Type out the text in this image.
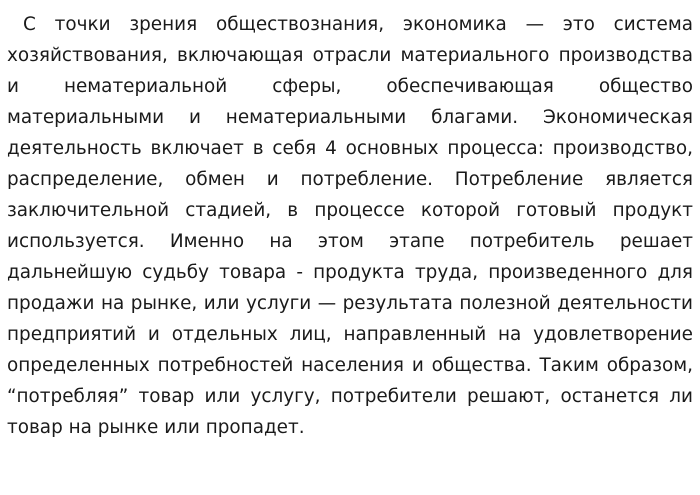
С точки зрения обществознания, экономика — это система хозяйствования, включающая отрасли материального производства и нематериальной сферы, обеспечивающая общество материальными и нематериальными благами. Экономическая деятельность включает в себя 4 основных процесса: производство, распределение, обмен и потребление. Потребление является заключительной стадией, в процессе которой готовый продукт используется. Именно на этом этапе потребитель решает дальнейшую судьбу товара - продукта труда, произведенного для продажи на рынке, или услуги — результата полезной деятельности предприятий и отдельных лиц, направленный на удовлетворение определенных потребностей населения и общества. Таким образом, “потребляя” товар или услугу, потребители решают, останется ли товар на рынке или пропадет.
